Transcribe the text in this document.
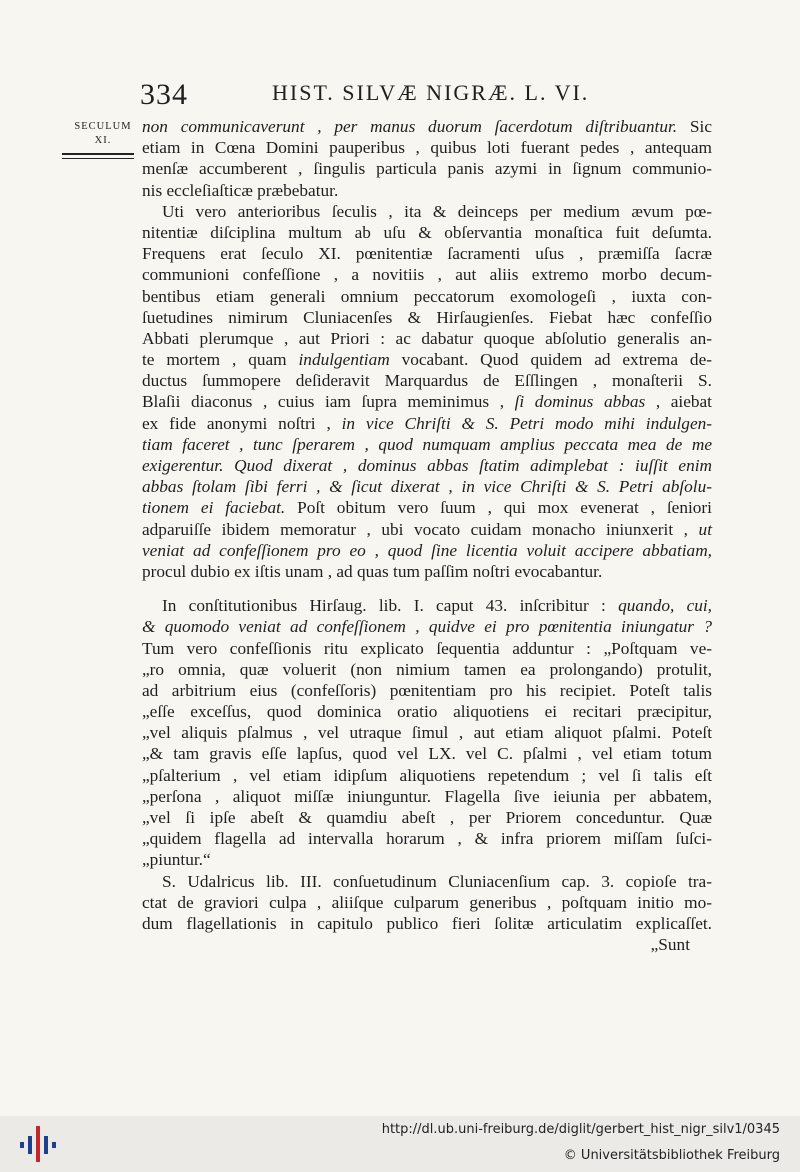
334	HIST. SILVÆ NIGRÆ. L. VI.
SECULUM
XI.
non communicaverunt , per manus duorum ſacerdotum diſtribuantur. Sic
etiam in Cœna Domini pauperibus , quibus loti fuerant pedes , antequam
menſæ accumberent , ſingulis particula panis azymi in ſignum communio-
nis eccleſiaſticæ præbebatur.
Uti vero anterioribus ſeculis , ita & deinceps per medium ævum pœ-
nitentiæ diſciplina multum ab uſu & obſervantia monaſtica fuit deſumta.
Frequens erat ſeculo XI. pœnitentiæ ſacramenti uſus , præmiſſa ſacræ
communioni confeſſione , a novitiis , aut aliis extremo morbo decum-
bentibus etiam generali omnium peccatorum exomologeſi , iuxta con-
ſuetudines nimirum Cluniacenſes & Hirſaugienſes. Fiebat hæc confeſſio
Abbati plerumque , aut Priori : ac dabatur quoque abſolutio generalis an-
te mortem , quam indulgentiam vocabant. Quod quidem ad extrema de-
ductus ſummopere deſideravit Marquardus de Eſſlingen , monaſterii S.
Blaſii diaconus , cuius iam ſupra meminimus , ſi dominus abbas , aiebat
ex fide anonymi noſtri , in vice Chriſti & S. Petri modo mihi indulgen-
tiam faceret , tunc ſperarem , quod numquam amplius peccata mea de me
exigerentur. Quod dixerat , dominus abbas ſtatim adimplebat : iuſſit enim
abbas ſtolam ſibi ferri , & ſicut dixerat , in vice Chriſti & S. Petri abſolu-
tionem ei faciebat. Poſt obitum vero ſuum , qui mox evenerat , ſeniori
adparuiſſe ibidem memoratur , ubi vocato cuidam monacho iniunxerit , ut
veniat ad confeſſionem pro eo , quod ſine licentia voluit accipere abbatiam,
procul dubio ex iſtis unam , ad quas tum paſſim noſtri evocabantur.
In conſtitutionibus Hirſaug. lib. I. caput 43. inſcribitur : quando, cui,
& quomodo veniat ad confeſſionem , quidve ei pro pœnitentia iniungatur ?
Tum vero confeſſionis ritu explicato ſequentia adduntur : „Poſtquam ve-
„ro omnia, quæ voluerit (non nimium tamen ea prolongando) protulit,
ad arbitrium eius (confeſſoris) pœnitentiam pro his recipiet. Poteſt talis
„eſſe exceſſus, quod dominica oratio aliquotiens ei recitari præcipitur,
„vel aliquis pſalmus , vel utraque ſimul , aut etiam aliquot pſalmi. Poteſt
„& tam gravis eſſe lapſus, quod vel LX. vel C. pſalmi , vel etiam totum
„pſalterium , vel etiam idipſum aliquotiens repetendum ; vel ſi talis eſt
„perſona , aliquot miſſæ iniunguntur. Flagella ſive ieiunia per abbatem,
„vel ſi ipſe abeſt & quamdiu abeſt , per Priorem conceduntur. Quæ
„quidem flagella ad intervalla horarum , & infra priorem miſſam ſuſci-
„piuntur.“
S. Udalricus lib. III. conſuetudinum Cluniacenſium cap. 3. copioſe tra-
ctat de graviori culpa , aliiſque culparum generibus , poſtquam initio mo-
dum flagellationis in capitulo publico fieri ſolitæ articulatim explicaſſet.
„Sunt
http://dl.ub.uni-freiburg.de/diglit/gerbert_hist_nigr_silv1/0345
© Universitätsbibliothek Freiburg
